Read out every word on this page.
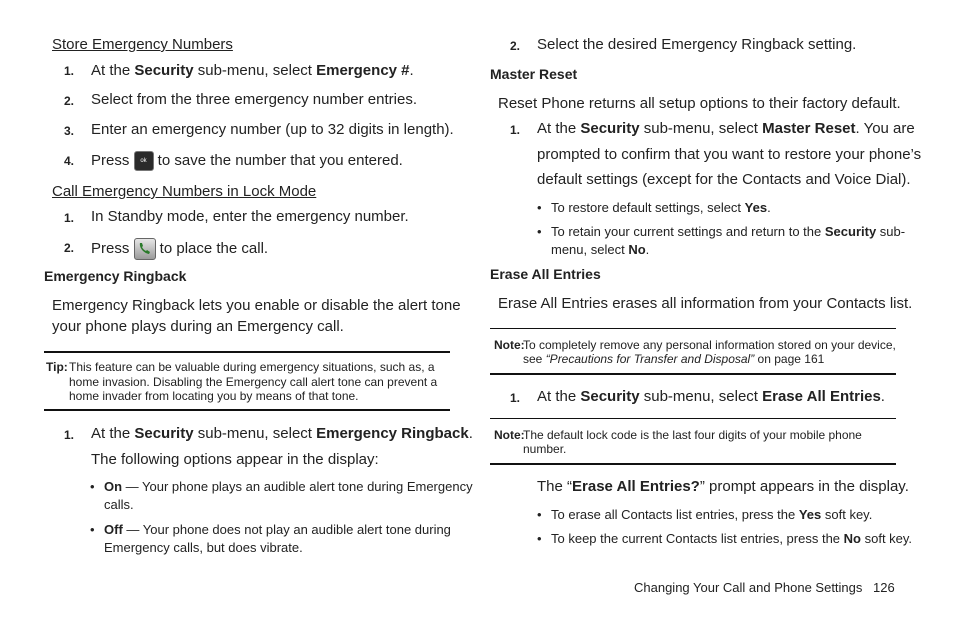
Store Emergency Numbers
1. At the Security sub-menu, select Emergency #.
2. Select from the three emergency number entries.
3. Enter an emergency number (up to 32 digits in length).
4. Press ok to save the number that you entered.
Call Emergency Numbers in Lock Mode
1. In Standby mode, enter the emergency number.
2. Press
to place the call.
Emergency Ringback
Emergency Ringback lets you enable or disable the alert tone
your phone plays during an Emergency call.
Tip: This feature can be valuable during emergency situations, such as, a
home invasion. Disabling the Emergency call alert tone can prevent a
home invader from locating you by means of that tone.
1. At the Security sub-menu, select Emergency Ringback.
The following options appear in the display:
• On — Your phone plays an audible alert tone during Emergency
calls.
• Off — Your phone does not play an audible alert tone during
Emergency calls, but does vibrate.
2. Select the desired Emergency Ringback setting.
Master Reset
Reset Phone returns all setup options to their factory default.
1. At the Security sub-menu, select Master Reset. You are
prompted to confirm that you want to restore your phone’s
default settings (except for the Contacts and Voice Dial).
• To restore default settings, select Yes.
• To retain your current settings and return to the Security sub-
menu, select No.
Erase All Entries
Erase All Entries erases all information from your Contacts list.
Note:
To completely remove any personal information stored on your device,
see “Precautions for Transfer and Disposal” on page 161
1. At the Security sub-menu, select Erase All Entries.
Note:
The default lock code is the last four digits of your mobile phone
number.
The “Erase All Entries?” prompt appears in the display.
• To erase all Contacts list entries, press the Yes soft key.
• To keep the current Contacts list entries, press the No soft key.
Changing Your Call and Phone Settings 126
